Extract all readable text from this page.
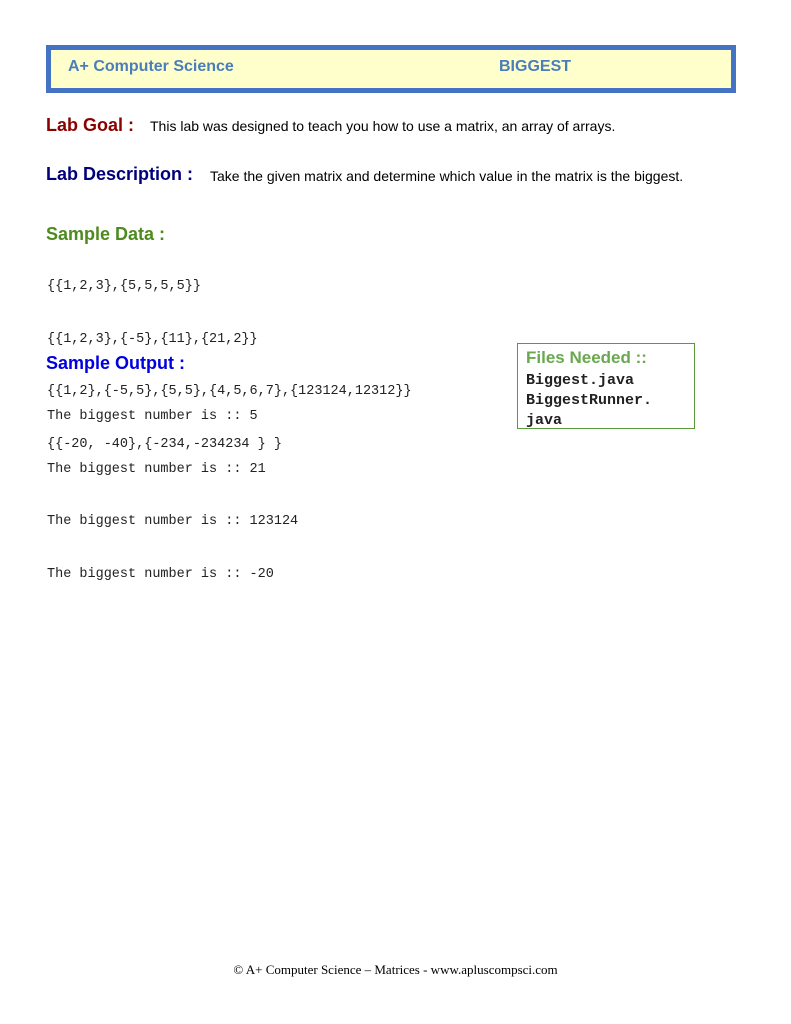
A+ Computer Science	BIGGEST
Lab Goal : This lab was designed to teach you how to use a matrix, an array of arrays.
Lab Description : Take the given matrix and determine which value in the matrix is the biggest.
Sample Data :

{{1,2,3},{5,5,5,5}}

{{1,2,3},{-5},{11},{21,2}}

{{1,2},{-5,5},{5,5},{4,5,6,7},{123124,12312}}

{{-20, -40},{-234,-234234 } }

Sample Output :

The biggest number is :: 5

The biggest number is :: 21

The biggest number is :: 123124

The biggest number is :: -20

Files Needed ::
Biggest.java
BiggestRunner.
java
© A+ Computer Science – Matrices - www.apluscompsci.com
